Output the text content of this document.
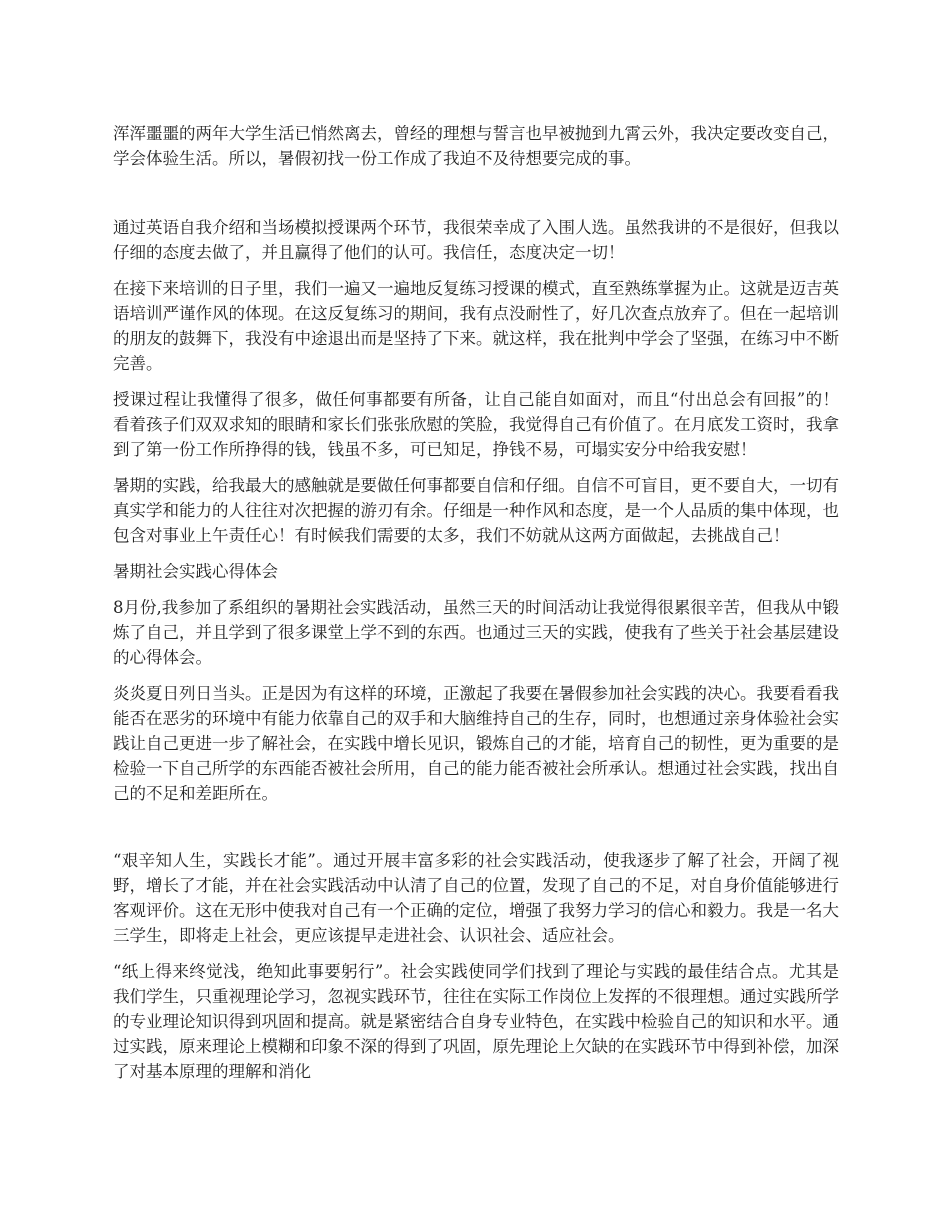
浑浑噩噩的两年大学生活已悄然离去，曾经的理想与誓言也早被抛到九霄云外，我决定要改变自己，学会体验生活。所以，暑假初找一份工作成了我迫不及待想要完成的事。

通过英语自我介绍和当场模拟授课两个环节，我很荣幸成了入围人选。虽然我讲的不是很好，但我以仔细的态度去做了，并且赢得了他们的认可。我信任，态度决定一切！

在接下来培训的日子里，我们一遍又一遍地反复练习授课的模式，直至熟练掌握为止。这就是迈吉英语培训严谨作风的体现。在这反复练习的期间，我有点没耐性了，好几次查点放弃了。但在一起培训的朋友的鼓舞下，我没有中途退出而是坚持了下来。就这样，我在批判中学会了坚强，在练习中不断完善。

授课过程让我懂得了很多，做任何事都要有所备，让自己能自如面对，而且“付出总会有回报”的！看着孩子们双双求知的眼睛和家长们张张欣慰的笑脸，我觉得自己有价值了。在月底发工资时，我拿到了第一份工作所挣得的钱，钱虽不多，可已知足，挣钱不易，可塌实安分中给我安慰！

暑期的实践，给我最大的感触就是要做任何事都要自信和仔细。自信不可盲目，更不要自大，一切有真实学和能力的人往往对次把握的游刃有余。仔细是一种作风和态度，是一个人品质的集中体现，也包含对事业上午责任心！有时候我们需要的太多，我们不妨就从这两方面做起，去挑战自己！

暑期社会实践心得体会

8月份,我参加了系组织的暑期社会实践活动，虽然三天的时间活动让我觉得很累很辛苦，但我从中锻炼了自己，并且学到了很多课堂上学不到的东西。也通过三天的实践，使我有了些关于社会基层建设的心得体会。

炎炎夏日列日当头。正是因为有这样的环境，正激起了我要在暑假参加社会实践的决心。我要看看我能否在恶劣的环境中有能力依靠自己的双手和大脑维持自己的生存，同时，也想通过亲身体验社会实践让自己更进一步了解社会，在实践中增长见识，锻炼自己的才能，培育自己的韧性，更为重要的是检验一下自己所学的东西能否被社会所用，自己的能力能否被社会所承认。想通过社会实践，找出自己的不足和差距所在。

“艰辛知人生，实践长才能”。通过开展丰富多彩的社会实践活动，使我逐步了解了社会，开阔了视野，增长了才能，并在社会实践活动中认清了自己的位置，发现了自己的不足，对自身价值能够进行客观评价。这在无形中使我对自己有一个正确的定位，增强了我努力学习的信心和毅力。我是一名大三学生，即将走上社会，更应该提早走进社会、认识社会、适应社会。

“纸上得来终觉浅，绝知此事要躬行”。社会实践使同学们找到了理论与实践的最佳结合点。尤其是我们学生，只重视理论学习，忽视实践环节，往往在实际工作岗位上发挥的不很理想。通过实践所学的专业理论知识得到巩固和提高。就是紧密结合自身专业特色，在实践中检验自己的知识和水平。通过实践，原来理论上模糊和印象不深的得到了巩固，原先理论上欠缺的在实践环节中得到补偿，加深了对基本原理的理解和消化
